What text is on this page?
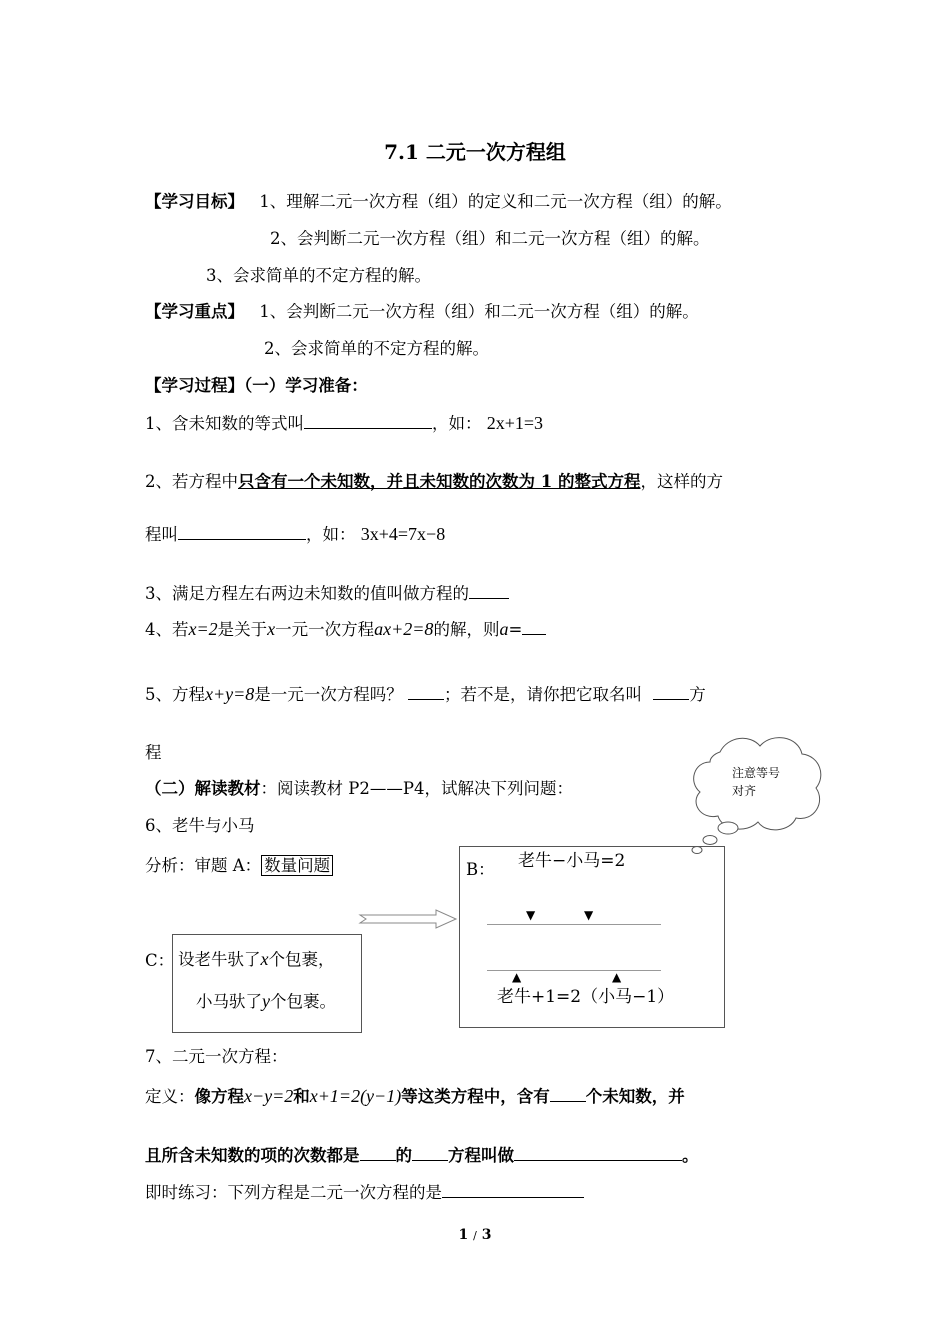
7.1 二元一次方程组
【学习目标】 1、理解二元一次方程（组）的定义和二元一次方程（组）的解。
2、会判断二元一次方程（组）和二元一次方程（组）的解。
3、会求简单的不定方程的解。
【学习重点】 1、会判断二元一次方程（组）和二元一次方程（组）的解。
2、会求简单的不定方程的解。
【学习过程】（一）学习准备：
1、含未知数的等式叫	，如： 2x+1=3
2、若方程中只含有一个未知数，并且未知数的次数为 1 的整式方程，这样的方
程叫	，如： 3x+4=7x−8
3、满足方程左右两边未知数的值叫做方程的
4、若x=2是关于x一元一次方程ax+2=8的解，则a=
5、方程x+y=8是一元一次方程吗？	；若不是，请你把它取名叫	方
程
（二）解读教材：阅读教材 P2——P4，试解决下列问题：
注意等号
对齐
6、老牛与小马
分析：审题 A： 数量问题	B： 老牛−小马=2
▼	▼
▲	▲
老牛+1=2（小马−1）
C： 设老牛驮了x个包裹，
小马驮了y个包裹。
7、二元一次方程：
定义：像方程x−y=2和x+1=2(y−1)等这类方程中，含有 个未知数，并
且所含未知数的项的次数都是 的 方程叫做	。
即时练习：下列方程是二元一次方程的是
1 / 3
